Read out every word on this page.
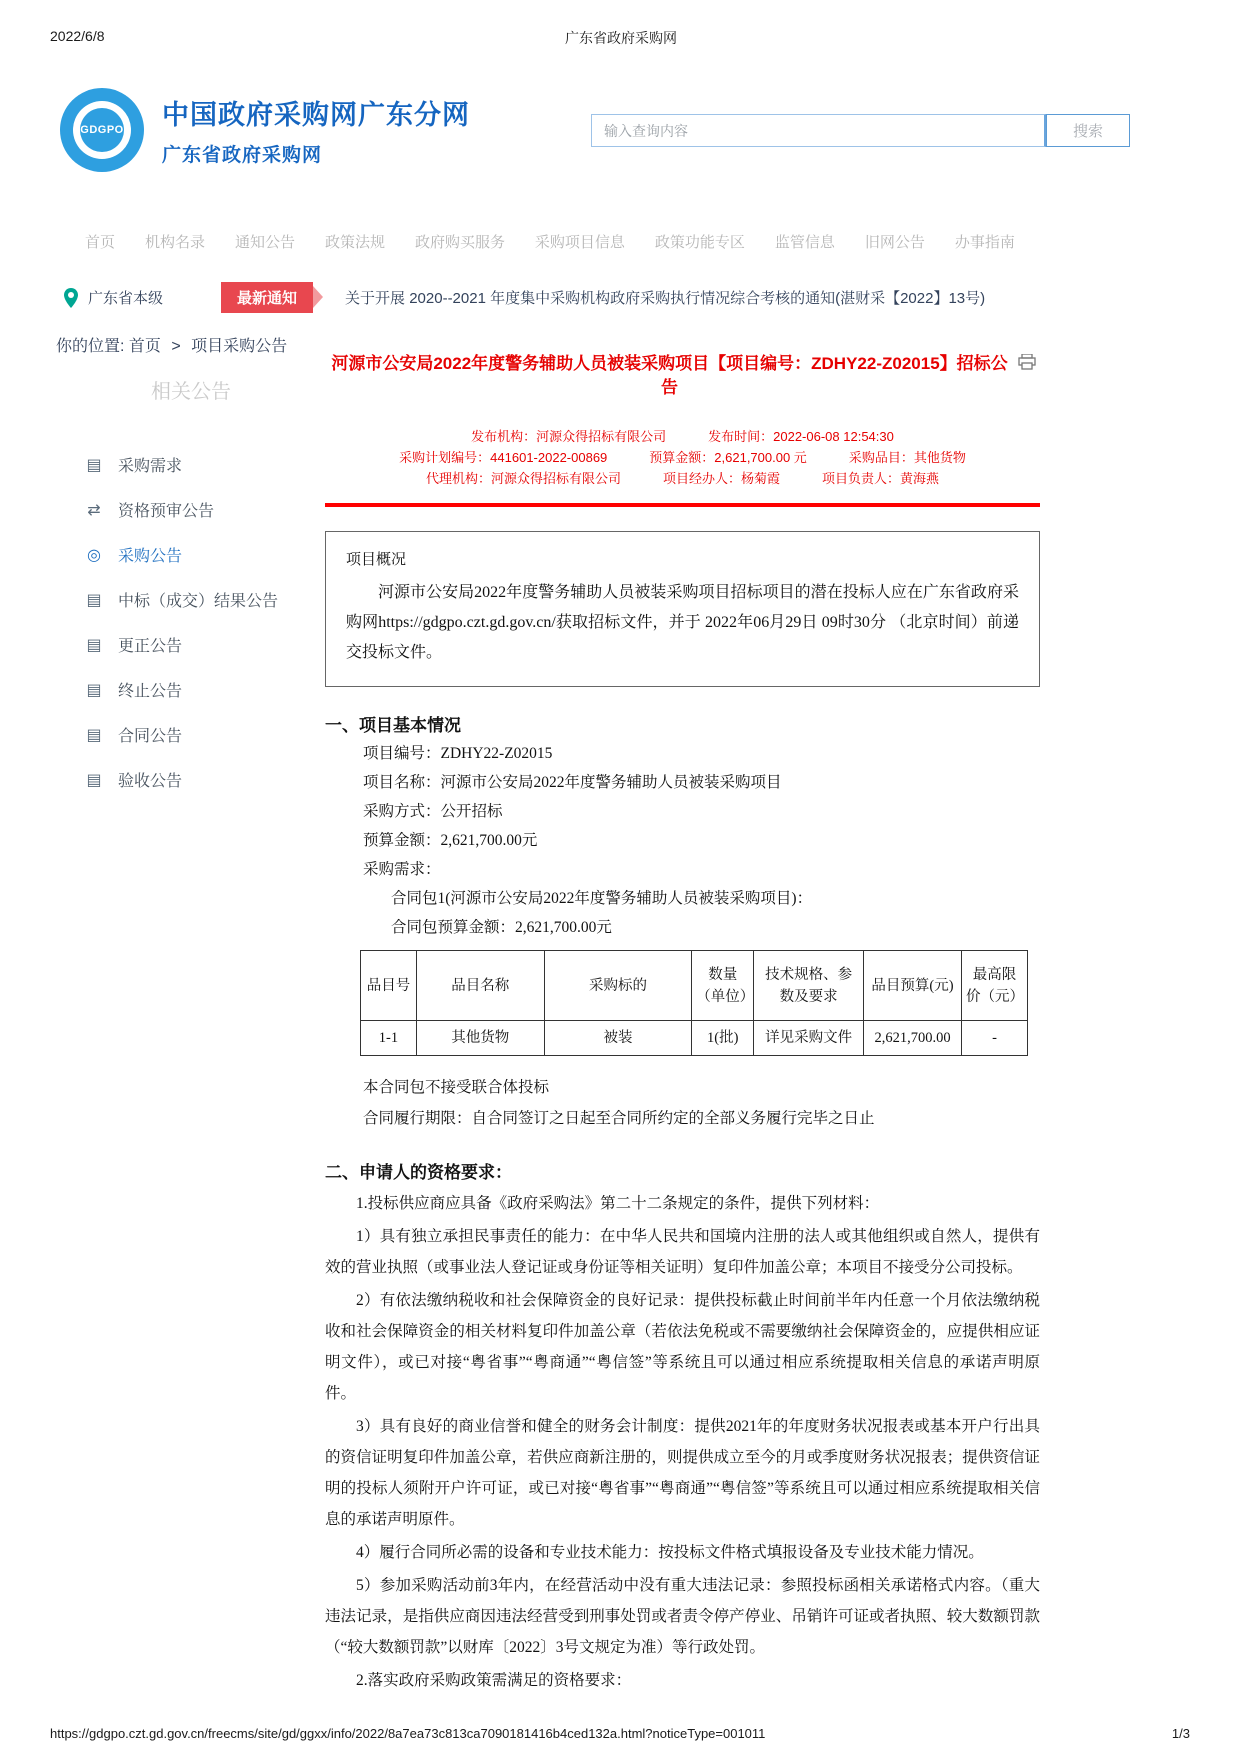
2022/6/8	广东省政府采购网
GDGPO 中国政府采购网广东分网
广东省政府采购网
输入查询内容
搜索
首页 机构名录 通知公告 政策法规 政府购买服务 采购项目信息 政策功能专区 监管信息 旧网公告 办事指南
广东省本级	最新通知	关于开展 2020--2021 年度集中采购机构政府采购执行情况综合考核的通知(湛财采【2022】13号)
你的位置: 首页 > 项目采购公告
相关公告
▤ 采购需求
⇄ 资格预审公告
◎ 采购公告
▤ 中标（成交）结果公告
▤ 更正公告
▤ 终止公告
▤ 合同公告
▤ 验收公告
河源市公安局2022年度警务辅助人员被装采购项目【项目编号：ZDHY22-Z02015】招标公告
发布机构：河源众得招标有限公司	发布时间：2022-06-08 12:54:30
采购计划编号：441601-2022-00869	预算金额：2,621,700.00 元	采购品目：其他货物
代理机构：河源众得招标有限公司	项目经办人：杨菊霞	项目负责人：黄海燕
项目概况
河源市公安局2022年度警务辅助人员被装采购项目招标项目的潜在投标人应在广东省政府采购网https://gdgpo.czt.gd.gov.cn/获取招标文件，并于 2022年06月29日 09时30分 （北京时间）前递交投标文件。
一、项目基本情况
项目编号：ZDHY22-Z02015
项目名称：河源市公安局2022年度警务辅助人员被装采购项目
采购方式：公开招标
预算金额：2,621,700.00元
采购需求：
合同包1(河源市公安局2022年度警务辅助人员被装采购项目)：
合同包预算金额：2,621,700.00元
品目号	品目名称	采购标的	数量（单位）	技术规格、参数及要求	品目预算(元)	最高限价（元）
1-1	其他货物	被装	1(批)	详见采购文件	2,621,700.00	-
本合同包不接受联合体投标
合同履行期限：自合同签订之日起至合同所约定的全部义务履行完毕之日止
二、申请人的资格要求：

1.投标供应商应具备《政府采购法》第二十二条规定的条件，提供下列材料：

1）具有独立承担民事责任的能力：在中华人民共和国境内注册的法人或其他组织或自然人，提供有效的营业执照（或事业法人登记证或身份证等相关证明）复印件加盖公章；本项目不接受分公司投标。

2）有依法缴纳税收和社会保障资金的良好记录：提供投标截止时间前半年内任意一个月依法缴纳税收和社会保障资金的相关材料复印件加盖公章（若依法免税或不需要缴纳社会保障资金的，应提供相应证明文件），或已对接“粤省事”“粤商通”“粤信签”等系统且可以通过相应系统提取相关信息的承诺声明原件。

3）具有良好的商业信誉和健全的财务会计制度：提供2021年的年度财务状况报表或基本开户行出具的资信证明复印件加盖公章，若供应商新注册的，则提供成立至今的月或季度财务状况报表；提供资信证明的投标人须附开户许可证，或已对接“粤省事”“粤商通”“粤信签”等系统且可以通过相应系统提取相关信息的承诺声明原件。

4）履行合同所必需的设备和专业技术能力：按投标文件格式填报设备及专业技术能力情况。

5）参加采购活动前3年内，在经营活动中没有重大违法记录：参照投标函相关承诺格式内容。（重大违法记录，是指供应商因违法经营受到刑事处罚或者责令停产停业、吊销许可证或者执照、较大数额罚款（“较大数额罚款”以财库〔2022〕3号文规定为准）等行政处罚。

2.落实政府采购政策需满足的资格要求：

https://gdgpo.czt.gd.gov.cn/freecms/site/gd/ggxx/info/2022/8a7ea73c813ca7090181416b4ced132a.html?noticeType=001011	1/3
